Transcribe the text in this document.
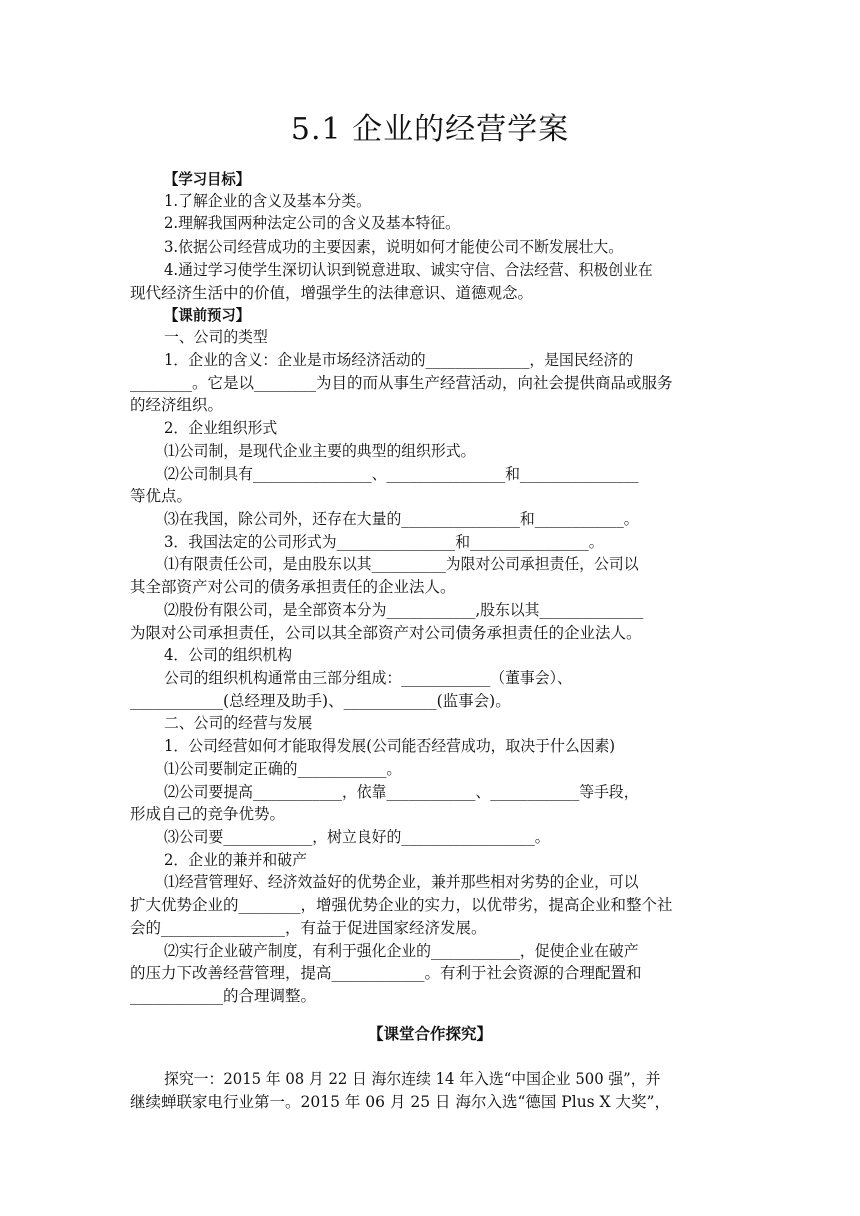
5.1 企业的经营学案
【学习目标】
1.了解企业的含义及基本分类。
2.理解我国两种法定公司的含义及基本特征。
3.依据公司经营成功的主要因素，说明如何才能使公司不断发展壮大。
4.通过学习使学生深切认识到锐意进取、诚实守信、合法经营、积极创业在
现代经济生活中的价值，增强学生的法律意识、道德观念。
【课前预习】
一、公司的类型
1．企业的含义：企业是市场经济活动的______________，是国民经济的
________。它是以________为目的而从事生产经营活动，向社会提供商品或服务
的经济组织。
2．企业组织形式
⑴公司制，是现代企业主要的典型的组织形式。
⑵公司制具有________________、________________和________________
等优点。
⑶在我国，除公司外，还存在大量的________________和____________。
3．我国法定的公司形式为________________和________________。
⑴有限责任公司，是由股东以其__________为限对公司承担责任，公司以
其全部资产对公司的债务承担责任的企业法人。
⑵股份有限公司，是全部资本分为____________,股东以其______________
为限对公司承担责任，公司以其全部资产对公司债务承担责任的企业法人。
4．公司的组织机构
公司的组织机构通常由三部分组成：____________（董事会）、
____________(总经理及助手)、____________(监事会)。
二、公司的经营与发展
1．公司经营如何才能取得发展(公司能否经营成功，取决于什么因素)
⑴公司要制定正确的____________。
⑵公司要提高____________，依靠____________、____________等手段，
形成自己的竞争优势。
⑶公司要____________，树立良好的__________________。
2．企业的兼并和破产
⑴经营管理好、经济效益好的优势企业，兼并那些相对劣势的企业，可以
扩大优势企业的________，增强优势企业的实力，以优带劣，提高企业和整个社
会的________________，有益于促进国家经济发展。
⑵实行企业破产制度，有利于强化企业的____________，促使企业在破产
的压力下改善经营管理，提高____________。有利于社会资源的合理配置和
____________的合理调整。
【课堂合作探究】
探究一：2015 年 08 月 22 日 海尔连续 14 年入选“中国企业 500 强”，并
继续蝉联家电行业第一。2015 年 06 月 25 日 海尔入选“德国 Plus X 大奖”，
